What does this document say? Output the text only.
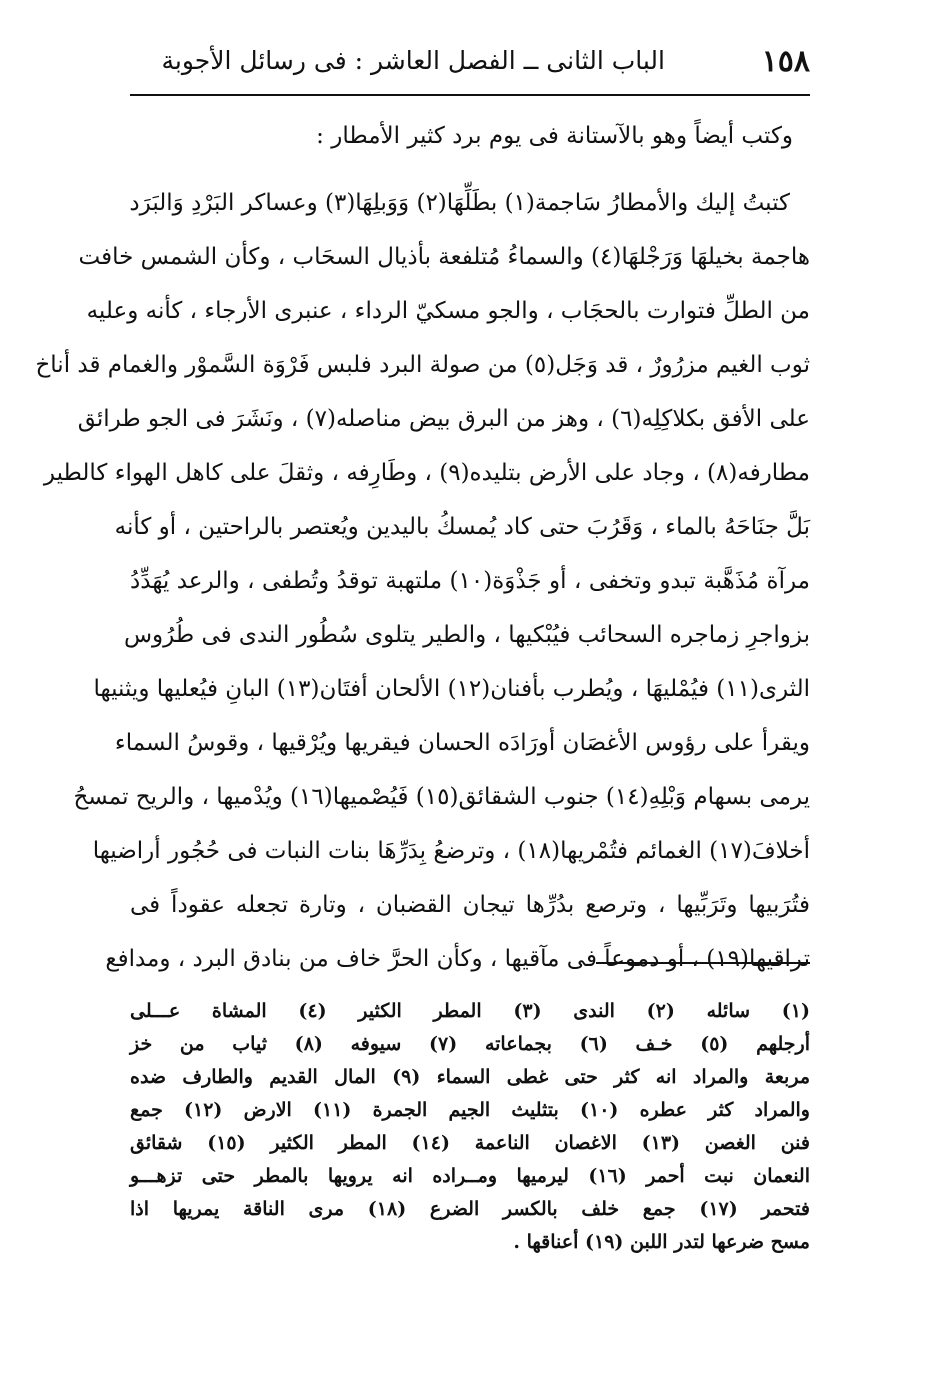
١٥٨
الباب الثانى ــ الفصل العاشر : فى رسائل الأجوبة
وكتب أيضاً وهو بالآستانة فى يوم برد كثير الأمطار :
كتبتُ إليك والأمطارُ سَاجمة(١) بطَلِّهَا(٢) وَوَبلِهَا(٣) وعساكر البَرْدِ وَالبَرَد
هاجمة بخيلهَا وَرَجْلهَا(٤) والسماءُ مُتلفعة بأذيال السحَاب ، وكأن الشمس خافت
من الطلِّ فتوارت بالحجَاب ، والجو مسكيّ الرداء ، عنبرى الأرجاء ، كأنه وعليه
ثوب الغيم مزرُورٌ ، قد وَجَل(٥) من صولة البرد فلبس فَرْوَة السَّموْر والغمام قد أناخ
على الأفق بكلاكِلِه(٦) ، وهز من البرق بيض مناصله(٧) ، ونَشَرَ فى الجو طرائق
مطارفه(٨) ، وجاد على الأرض بتليده(٩) ، وطَارِفه ، وثقلَ على كاهل الهواء كالطير
بَلَّ جنَاحَهُ بالماء ، وَقَرُبَ حتى كاد يُمسكُ باليدين ويُعتصر بالراحتين ، أو كأنه
مرآة مُذَهَّبة تبدو وتخفى ، أو جَذْوَة(١٠) ملتهبة توقدُ وتُطفى ، والرعد يُهَدِّدُ
بزواجرِ زماجره السحائب فيُبْكيها ، والطير يتلوى سُطُور الندى فى طُرُوس
الثرى(١١) فيُمْليهَا ، ويُطرب بأفنان(١٢) الألحان أفتَان(١٣) البانِ فيُعليها ويثنيها
ويقرأ على رؤوس الأغصَان أورَادَه الحسان فيقريها ويُرْقيها ، وقوسُ السماء
يرمى بسهام وَبْلِهِ(١٤) جنوب الشقائق(١٥) فَيُصْميها(١٦) ويُدْميها ، والريح تمسحُ
أخلافَ(١٧) الغمائم فتُمْريها(١٨) ، وترضعُ بِدَرِّهَا بنات النبات فى حُجُور أراضيها
فتُرَبيها وتَرَبِّيها ، وترصع بدُرِّها تيجان القضبان ، وتارة تجعله عقوداً فى
تراقيها(١٩) ، أو دموعاً فى مآقيها ، وكأن الحرَّ خاف من بنادق البرد ، ومدافع
(١) سائله (٢) الندى (٣) المطر الكثير (٤) المشاة عـــلى
أرجلهم (٥) خـف (٦) بجماعاته (٧) سيوفه (٨) ثياب من خز
مربعة والمراد انه كثر حتى غطى السماء (٩) المال القديم والطارف ضده
والمراد كثر عطره (١٠) بتثليث الجيم الجمرة (١١) الارض (١٢) جمع
فنن الغصن (١٣) الاغصان الناعمة (١٤) المطر الكثير (١٥) شقائق
النعمان نبت أحمر (١٦) ليرميها ومــراده انه يرويها بالمطر حتى تزهـــو
فتحمر (١٧) جمع خلف بالكسر الضرع (١٨) مرى الناقة يمريها اذا
مسح ضرعها لتدر اللبن (١٩) أعناقها .
